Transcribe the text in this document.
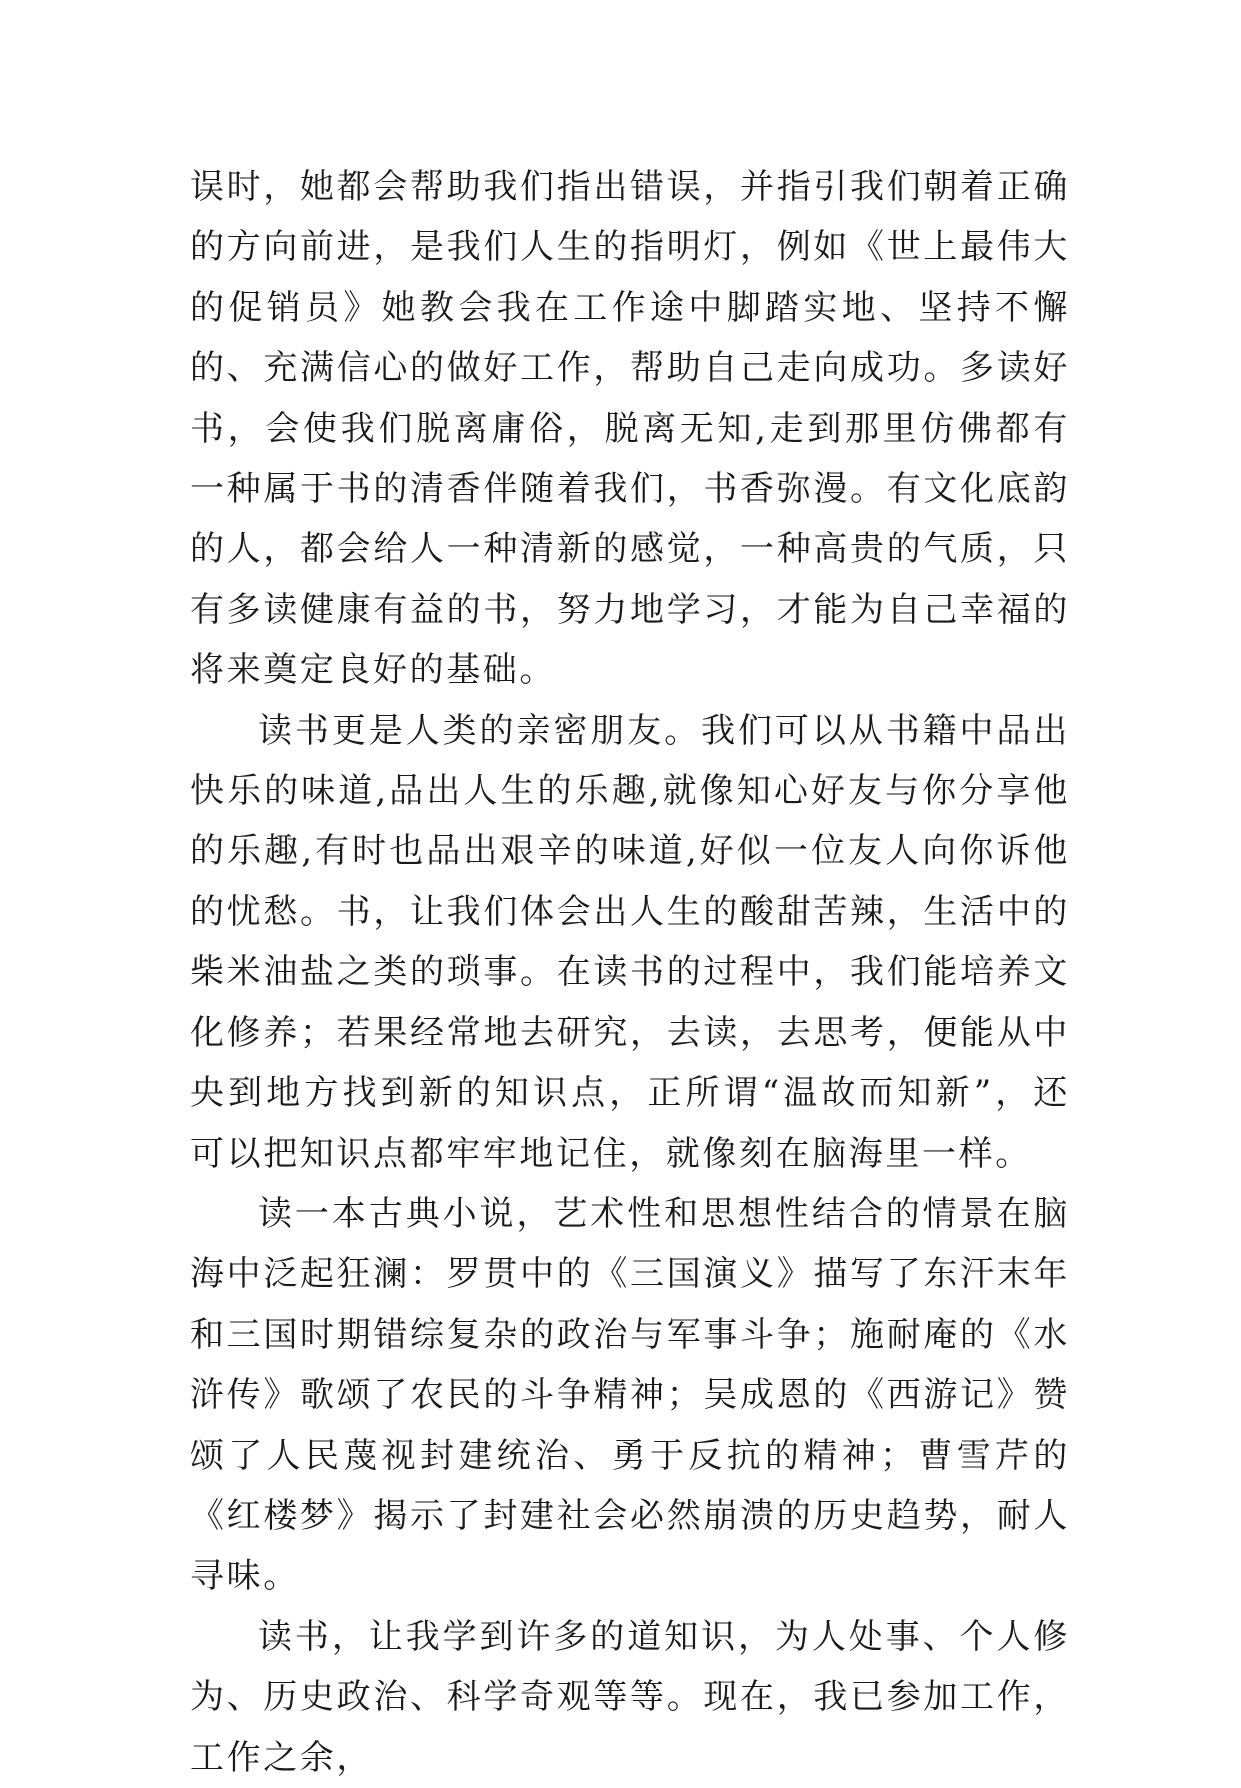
误时，她都会帮助我们指出错误，并指引我们朝着正确的方向前进，是我们人生的指明灯，例如《世上最伟大的促销员》她教会我在工作途中脚踏实地、坚持不懈的、充满信心的做好工作，帮助自己走向成功。多读好书，会使我们脱离庸俗，脱离无知,走到那里仿佛都有一种属于书的清香伴随着我们，书香弥漫。有文化底韵的人，都会给人一种清新的感觉，一种高贵的气质，只有多读健康有益的书，努力地学习，才能为自己幸福的将来奠定良好的基础。

读书更是人类的亲密朋友。我们可以从书籍中品出快乐的味道,品出人生的乐趣,就像知心好友与你分享他的乐趣,有时也品出艰辛的味道,好似一位友人向你诉他的忧愁。书，让我们体会出人生的酸甜苦辣，生活中的柴米油盐之类的琐事。在读书的过程中，我们能培养文化修养；若果经常地去研究，去读，去思考，便能从中央到地方找到新的知识点，正所谓“温故而知新”，还可以把知识点都牢牢地记住，就像刻在脑海里一样。

读一本古典小说，艺术性和思想性结合的情景在脑海中泛起狂澜：罗贯中的《三国演义》描写了东汗末年和三国时期错综复杂的政治与军事斗争；施耐庵的《水浒传》歌颂了农民的斗争精神；吴成恩的《西游记》赞颂了人民蔑视封建统治、勇于反抗的精神；曹雪芹的《红楼梦》揭示了封建社会必然崩溃的历史趋势，耐人寻味。

读书，让我学到许多的道知识，为人处事、个人修为、历史政治、科学奇观等等。现在，我已参加工作，工作之余，
